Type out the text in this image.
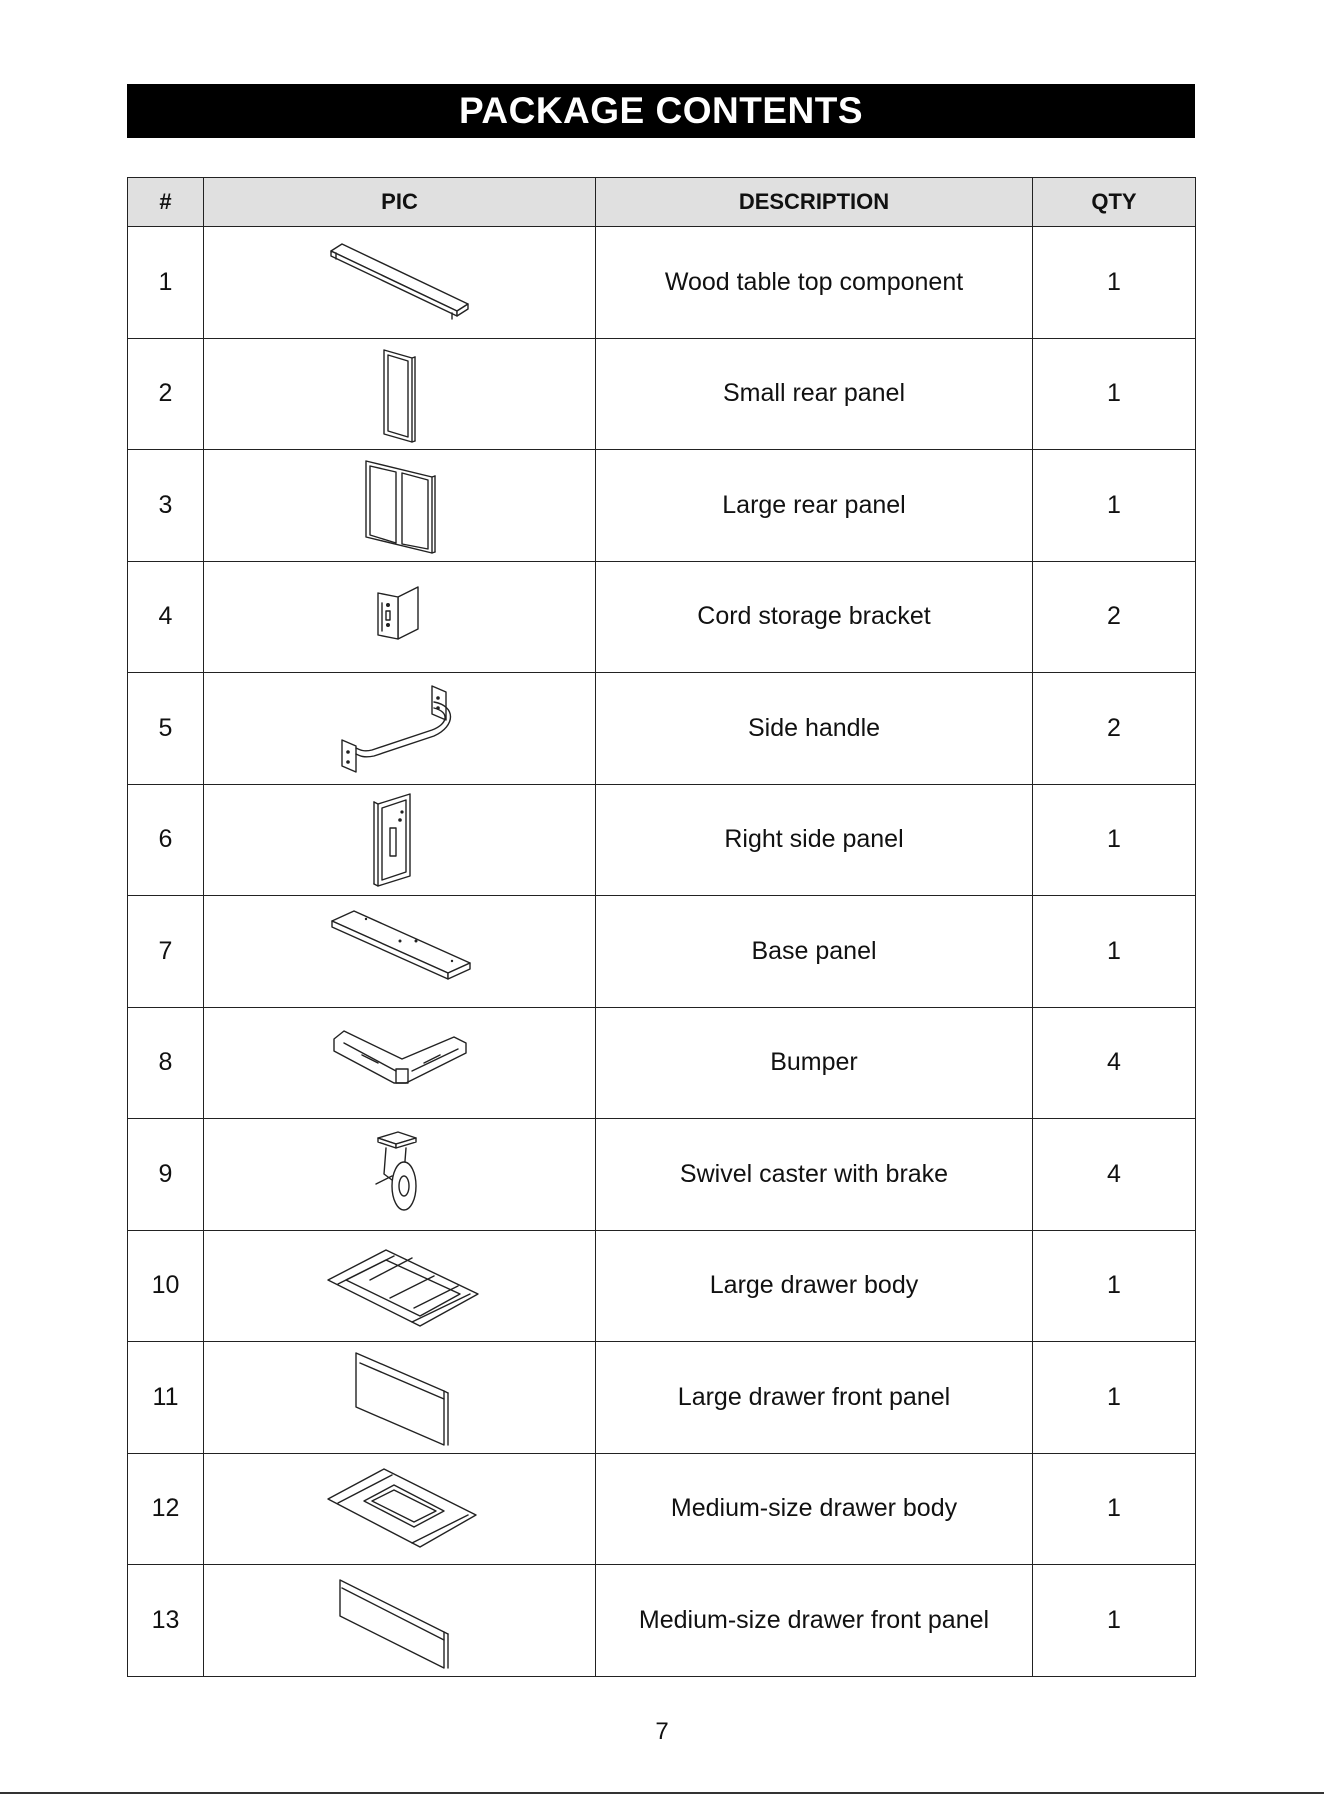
PACKAGE CONTENTS
#	PIC	DESCRIPTION	QTY
1		Wood table top component	1
2		Small rear panel	1
3		Large rear panel	1
4		Cord storage bracket	2
5		Side handle	2
6		Right side panel	1
7		Base panel	1
8		Bumper	4
9		Swivel caster with brake	4
10		Large drawer body	1
11		Large drawer front panel	1
12		Medium-size drawer body	1
13		Medium-size drawer front panel	1
7
